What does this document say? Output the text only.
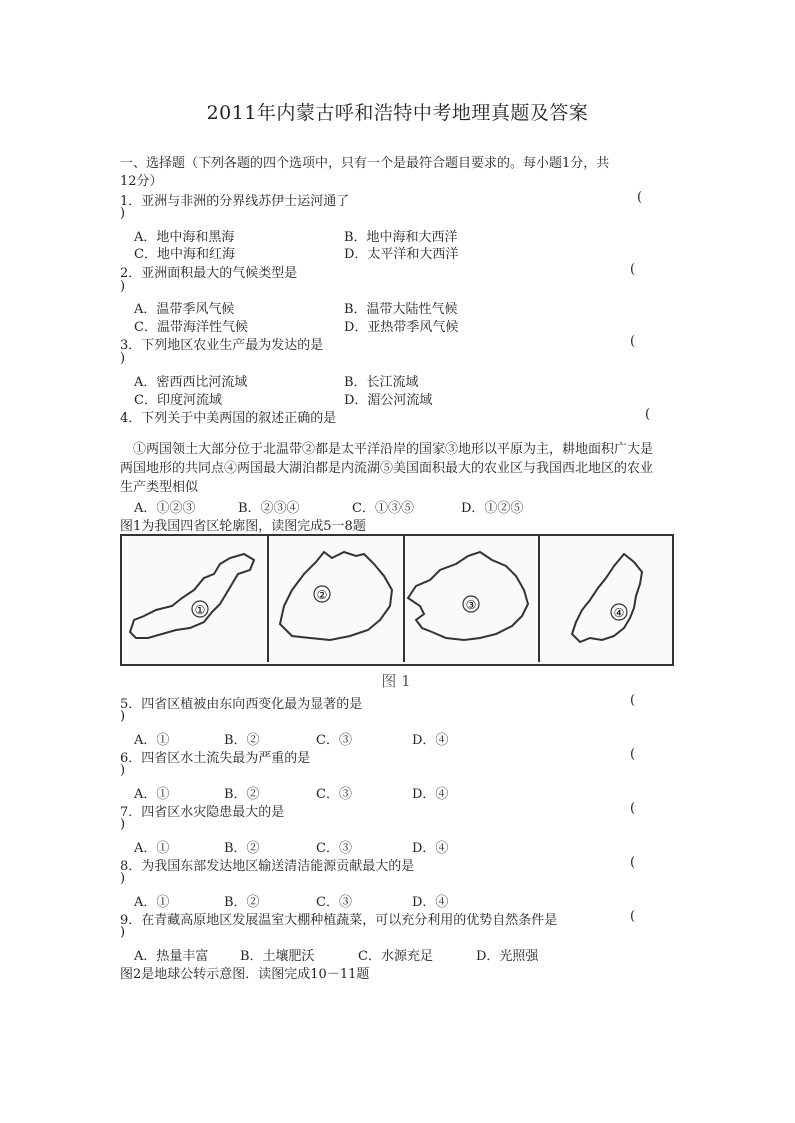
2011年内蒙古呼和浩特中考地理真题及答案
一、选择题（下列各题的四个选项中，只有一个是最符合题目要求的。每小题1分，共
12分）
1．亚洲与非洲的分界线苏伊士运河通了	(
)
A．地中海和黑海	B．地中海和大西洋
C．地中海和红海	D．太平洋和大西洋
2．亚洲面积最大的气候类型是	(
)
A．温带季风气候	B．温带大陆性气候
C．温带海洋性气候	D．亚热带季风气候
3．下列地区农业生产最为发达的是	(
)
A．密西西比河流域	B．长江流域
C．印度河流域	D．湄公河流域
4．下列关于中美两国的叙述正确的是	(
①两国领土大部分位于北温带②都是太平洋沿岸的国家③地形以平原为主，耕地面积广大是两国地形的共同点④两国最大湖泊都是内流湖⑤美国面积最大的农业区与我国西北地区的农业生产类型相似
A．①②③	B．②③④	C．①③⑤	D．①②⑤
图1为我国四省区轮廓图，读图完成5一8题
①
②
③
④
图 1
5．四省区植被由东向西变化最为显著的是	(
)
A．①	B．②	C．③	D．④
6．四省区水土流失最为严重的是	(
)
A．①	B．②	C．③	D．④
7．四省区水灾隐患最大的是	(
)
A．①	B．②	C．③	D．④
8．为我国东部发达地区输送清洁能源贡献最大的是	(
)
A．①	B．②	C．③	D．④
9．在青藏高原地区发展温室大棚种植蔬菜，可以充分利用的优势自然条件是	(
)
A．热量丰富 B．土壤肥沃	C．水源充足	D．光照强
图2是地球公转示意图．读图完成10－11题
